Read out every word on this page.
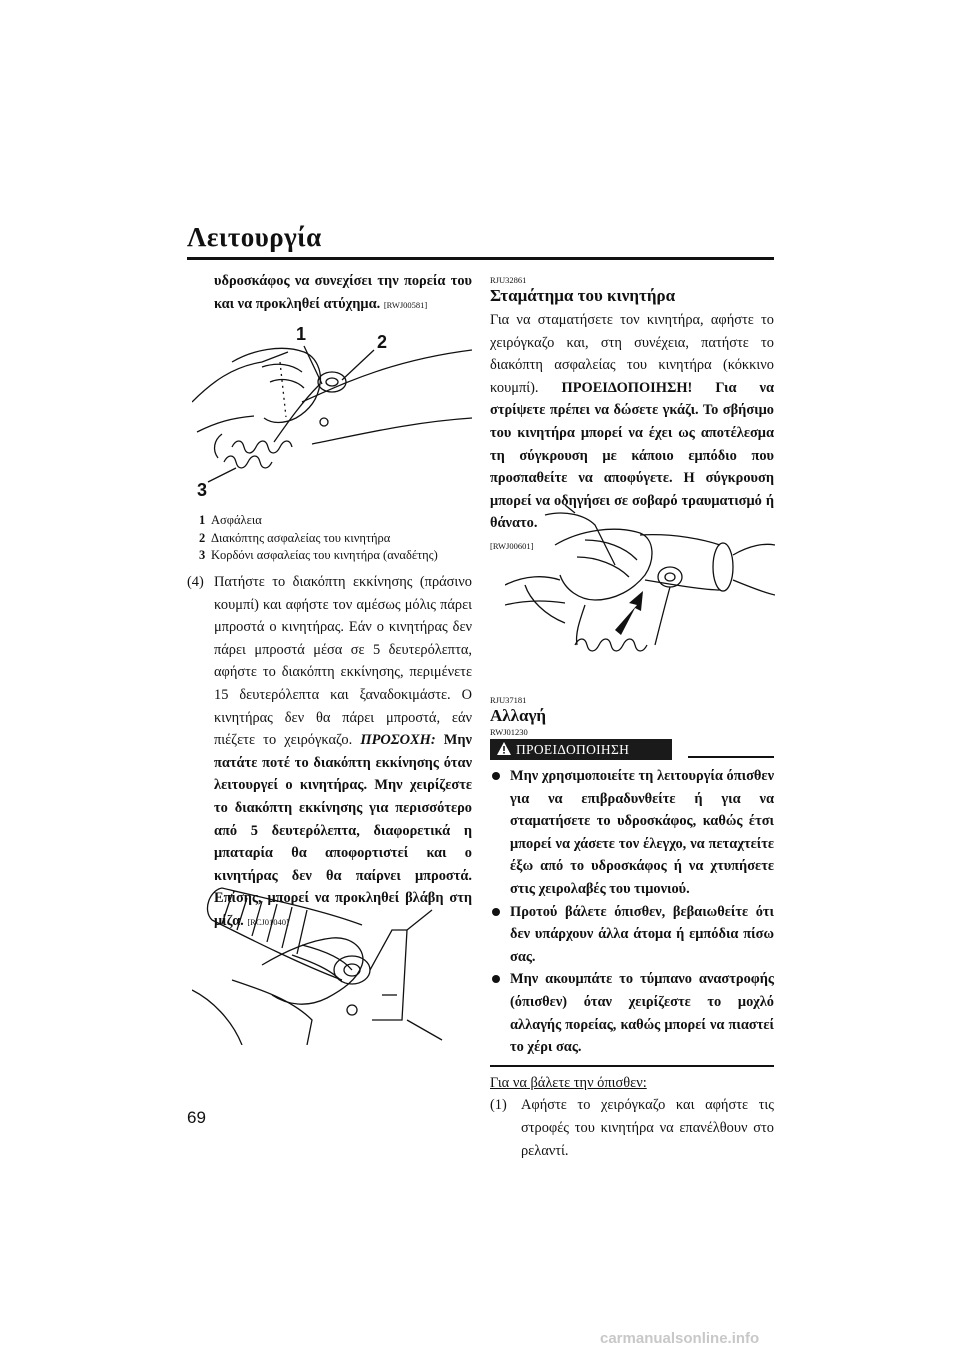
Λειτουργία
υδροσκάφος να συνεχίσει την πορεία του και να προκληθεί ατύχημα. [RWJ00581]
1	2
3
1 Ασφάλεια
2 Διακόπτης ασφαλείας του κινητήρα
3 Κορδόνι ασφαλείας του κινητήρα (αναδέτης)
(4) Πατήστε το διακόπτη εκκίνησης (πράσινο κουμπί) και αφήστε τον αμέσως μόλις πάρει μπροστά ο κινητήρας. Εάν ο κινητήρας δεν πάρει μπροστά μέσα σε 5 δευτερόλεπτα, αφήστε το διακόπτη εκκίνησης, περιμένετε 15 δευτερόλεπτα και ξαναδοκιμάστε. Ο κινητήρας δεν θα πάρει μπροστά, εάν πιέζετε το χειρόγκαζο. ΠΡΟΣΟΧΗ: Μην πατάτε ποτέ το διακόπτη εκκίνησης όταν λειτουργεί ο κινητήρας. Μην χειρίζεστε το διακόπτη εκκίνησης για περισσότερο από 5 δευτερόλεπτα, διαφορετικά η μπαταρία θα αποφορτιστεί και ο κινητήρας δεν θα παίρνει μπροστά. Επίσης, μπορεί να προκληθεί βλάβη στη μίζα. [RCJ01040]
RJU32861
Σταμάτημα του κινητήρα
Για να σταματήσετε τον κινητήρα, αφήστε το χειρόγκαζο και, στη συνέχεια, πατήστε το διακόπτη ασφαλείας του κινητήρα (κόκκινο κουμπί). ΠΡΟΕΙΔΟΠΟΙΗΣΗ! Για να στρίψετε πρέπει να δώσετε γκάζι. Το σβήσιμο του κινητήρα μπορεί να έχει ως αποτέλεσμα τη σύγκρουση με κάποιο εμπόδιο που προσπαθείτε να αποφύγετε. Η σύγκρουση μπορεί να οδηγήσει σε σοβαρό τραυματισμό ή θάνατο.
[RWJ00601]
RJU37181
Αλλαγή
RWJ01230
ΠΡΟΕΙΔΟΠΟΙΗΣΗ
Μην χρησιμοποιείτε τη λειτουργία όπισθεν για να επιβραδυνθείτε ή για να σταματήσετε το υδροσκάφος, καθώς έτσι μπορεί να χάσετε τον έλεγχο, να πεταχτείτε έξω από το υδροσκάφος ή να χτυπήσετε στις χειρολαβές του τιμονιού.
Προτού βάλετε όπισθεν, βεβαιωθείτε ότι δεν υπάρχουν άλλα άτομα ή εμπόδια πίσω σας.
Μην ακουμπάτε το τύμπανο αναστροφής (όπισθεν) όταν χειρίζεστε το μοχλό αλλαγής πορείας, καθώς μπορεί να πιαστεί το χέρι σας.
Για να βάλετε την όπισθεν:
(1) Αφήστε το χειρόγκαζο και αφήστε τις στροφές του κινητήρα να επανέλθουν στο ρελαντί.
69
carmanualsonline.info
